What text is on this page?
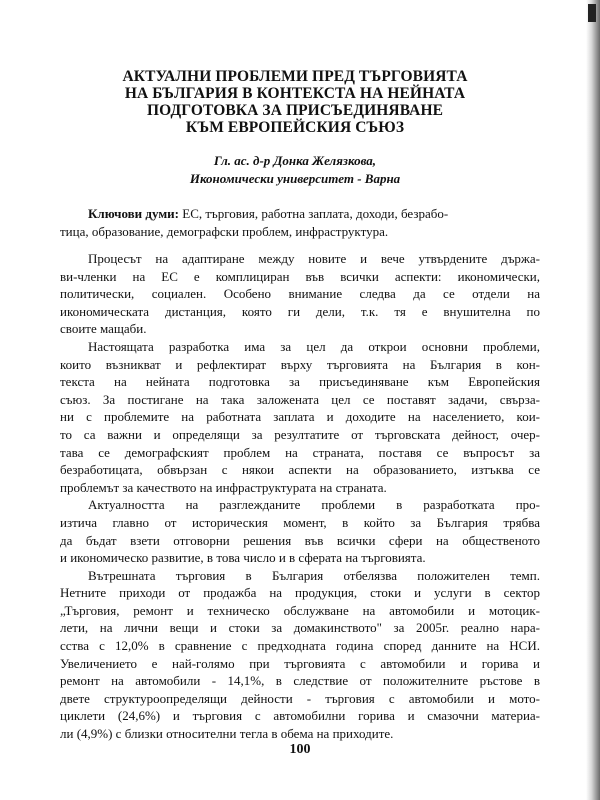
АКТУАЛНИ ПРОБЛЕМИ ПРЕД ТЪРГОВИЯТА
НА БЪЛГАРИЯ В КОНТЕКСТА НА НЕЙНАТА
ПОДГОТОВКА ЗА ПРИСЪЕДИНЯВАНЕ
КЪМ ЕВРОПЕЙСКИЯ СЪЮЗ
Гл. ас. д-р Донка Желязкова,
Икономически университет - Варна
Ключови думи: ЕС, търговия, работна заплата, доходи, безрабо-
тица, образование, демографски проблем, инфраструктура.
Процесът на адаптиране между новите и вече утвърдените държа-
ви-членки на ЕС е комплициран във всички аспекти: икономически,
политически, социален. Особено внимание следва да се отдели на
икономическата дистанция, която ги дели, т.к. тя е внушителна по
своите мащаби.
Настоящата разработка има за цел да открои основни проблеми,
които възникват и рефлектират върху търговията на България в кон-
текста на нейната подготовка за присъединяване към Европейския
съюз. За постигане на така заложената цел се поставят задачи, свърза-
ни с проблемите на работната заплата и доходите на населението, кои-
то са важни и определящи за резултатите от търговската дейност, очер-
тава се демографският проблем на страната, поставя се въпросът за
безработицата, обвързан с някои аспекти на образованието, изтъква се
проблемът за качеството на инфраструктурата на страната.
Актуалността на разглежданите проблеми в разработката про-
изтича главно от историческия момент, в който за България трябва
да бъдат взети отговорни решения във всички сфери на общественото
и икономическо развитие, в това число и в сферата на търговията.
Вътрешната търговия в България отбелязва положителен темп.
Нетните приходи от продажба на продукция, стоки и услуги в сектор
„Търговия, ремонт и техническо обслужване на автомобили и мотоцик-
лети, на лични вещи и стоки за домакинството" за 2005г. реално нара-
сства с 12,0% в сравнение с предходната година според данните на НСИ.
Увеличението е най-голямо при търговията с автомобили и горива и
ремонт на автомобили - 14,1%, в следствие от положителните ръстове в
двете структуроопределящи дейности - търговия с автомобили и мото-
циклети (24,6%) и търговия с автомобилни горива и смазочни материа-
ли (4,9%) с близки относителни тегла в обема на приходите.
100
